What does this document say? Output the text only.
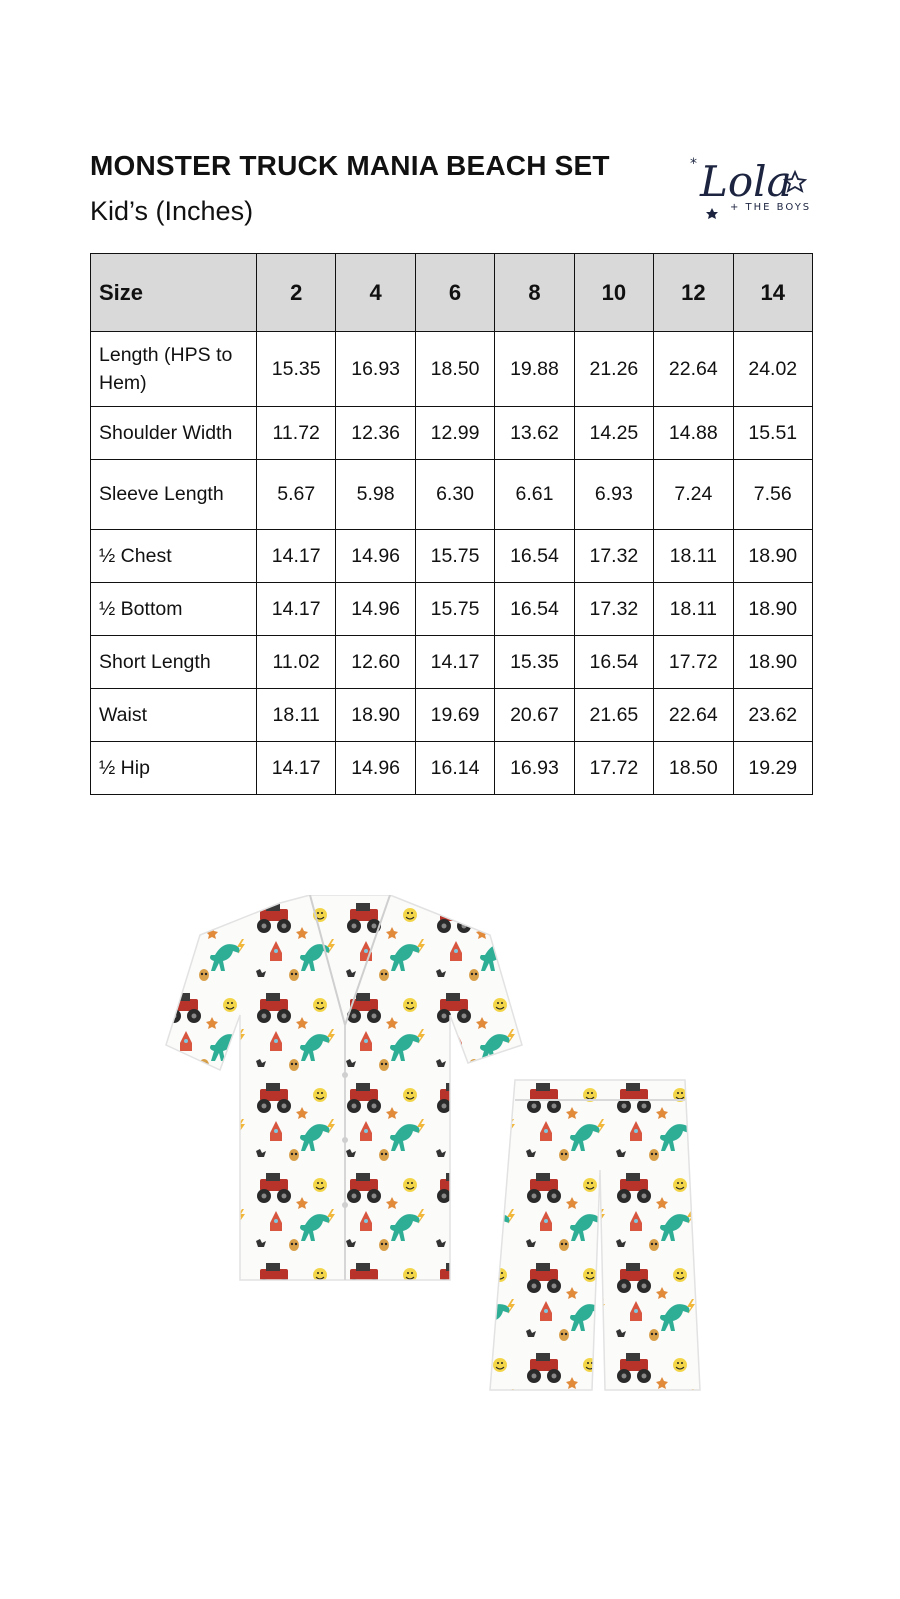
MONSTER TRUCK MANIA BEACH SET
Kid’s (Inches)
* Lola
+ THE BOYS
Size	2	4	6	8	10	12	14
Length (HPS to Hem)	15.35	16.93	18.50	19.88	21.26	22.64	24.02
Shoulder Width	11.72	12.36	12.99	13.62	14.25	14.88	15.51
Sleeve Length	5.67	5.98	6.30	6.61	6.93	7.24	7.56
½ Chest	14.17	14.96	15.75	16.54	17.32	18.11	18.90
½ Bottom	14.17	14.96	15.75	16.54	17.32	18.11	18.90
Short Length	11.02	12.60	14.17	15.35	16.54	17.72	18.90
Waist	18.11	18.90	19.69	20.67	21.65	22.64	23.62
½ Hip	14.17	14.96	16.14	16.93	17.72	18.50	19.29
